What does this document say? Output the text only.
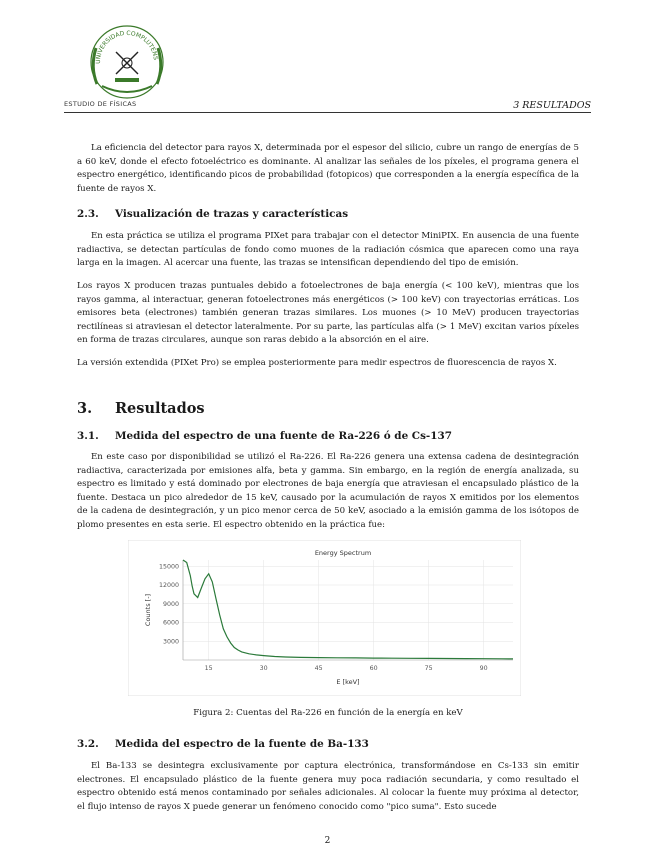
UNIVERSIDAD COMPLUTENS
ESTUDIO DE FÍSICAS	3 RESULTADOS

La eficiencia del detector para rayos X, determinada por el espesor del silicio, cubre un rango de energías de 5 a 60 keV, donde el efecto fotoeléctrico es dominante. Al analizar las señales de los píxeles, el programa genera el espectro energético, identificando picos de probabilidad (fotopicos) que corresponden a la energía específica de la fuente de rayos X.

2.3. Visualización de trazas y características

En esta práctica se utiliza el programa PIXet para trabajar con el detector MiniPIX. En ausencia de una fuente radiactiva, se detectan partículas de fondo como muones de la radiación cósmica que aparecen como una raya larga en la imagen. Al acercar una fuente, las trazas se intensifican dependiendo del tipo de emisión.

Los rayos X producen trazas puntuales debido a fotoelectrones de baja energía (< 100 keV), mientras que los rayos gamma, al interactuar, generan fotoelectrones más energéticos (> 100 keV) con trayectorias erráticas. Los emisores beta (electrones) también generan trazas similares. Los muones (> 10 MeV) producen trayectorias rectilíneas si atraviesan el detector lateralmente. Por su parte, las partículas alfa (> 1 MeV) excitan varios píxeles en forma de trazas circulares, aunque son raras debido a la absorción en el aire.

La versión extendida (PIXet Pro) se emplea posteriormente para medir espectros de fluorescencia de rayos X.

3. Resultados
3.1. Medida del espectro de una fuente de Ra-226 ó de Cs-137

En este caso por disponibilidad se utilizó el Ra-226. El Ra-226 genera una extensa cadena de desintegración radiactiva, caracterizada por emisiones alfa, beta y gamma. Sin embargo, en la región de energía analizada, su espectro es limitado y está dominado por electrones de baja energía que atraviesan el encapsulado plástico de la fuente. Destaca un pico alrededor de 15 keV, causado por la acumulación de rayos X emitidos por los elementos de la cadena de desintegración, y un pico menor cerca de 50 keV, asociado a la emisión gamma de los isótopos de plomo presentes en esta serie. El espectro obtenido en la práctica fue:

Energy Spectrum
15	30	45	60	75	90
3000
6000
9000
12000
15000
E [keV]
Counts [-]
Figura 2: Cuentas del Ra-226 en función de la energía en keV
3.2. Medida del espectro de la fuente de Ba-133

El Ba-133 se desintegra exclusivamente por captura electrónica, transformándose en Cs-133 sin emitir electrones. El encapsulado plástico de la fuente genera muy poca radiación secundaria, y como resultado el espectro obtenido está menos contaminado por señales adicionales. Al colocar la fuente muy próxima al detector, el flujo intenso de rayos X puede generar un fenómeno conocido como "pico suma". Esto sucede

2
